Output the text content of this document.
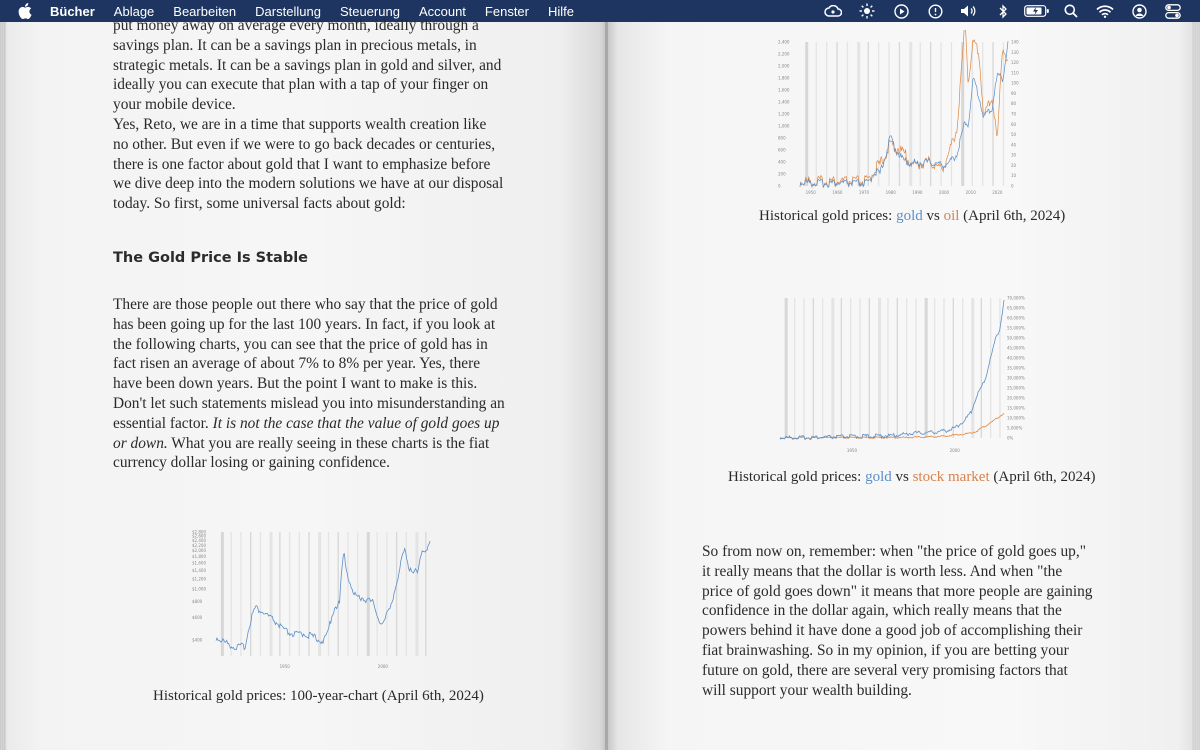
Bücher Ablage Bearbeiten Darstellung Steuerung Account Fenster Hilfe

put money away on average every month, ideally through a

savings plan. It can be a savings plan in precious metals, in

strategic metals. It can be a savings plan in gold and silver, and

ideally you can execute that plan with a tap of your finger on

your mobile device.

Yes, Reto, we are in a time that supports wealth creation like

no other. But even if we were to go back decades or centuries,

there is one factor about gold that I want to emphasize before

we dive deep into the modern solutions we have at our disposal

today. So first, some universal facts about gold:

The Gold Price Is Stable

There are those people out there who say that the price of gold

has been going up for the last 100 years. In fact, if you look at

the following charts, you can see that the price of gold has in

fact risen an average of about 7% to 8% per year. Yes, there

have been down years. But the point I want to make is this.

Don't let such statements mislead you into misunderstanding an

essential factor. It is not the case that the value of gold goes up

or down. What you are really seeing in these charts is the fiat

currency dollar losing or gaining confidence.

$2,800
$2,600
$2,400
$2,200
$2,000
$1,800
$1,600
$1,400
$1,200
$1,000
$800
$600
$400
1950	2000
Historical gold prices: 100-year-chart (April 6th, 2024)
2,400
2,200
2,000
1,800
1,600
1,400
1,200
1,000
800
600
400
200
0
140
130
120
110
100
90
80
70
60
50
40
30
20
10
0
1950	1960	1970	1980	1990	2000	2010	2020
Historical gold prices: gold vs oil (April 6th, 2024)
70,000%
65,000%
60,000%
55,000%
50,000%
45,000%
40,000%
35,000%
30,000%
25,000%
20,000%
15,000%
10,000%
5,000%
0%
1950	2000
Historical gold prices: gold vs stock market (April 6th, 2024)

So from now on, remember: when "the price of gold goes up,"

it really means that the dollar is worth less. And when "the

price of gold goes down" it means that more people are gaining

confidence in the dollar again, which really means that the

powers behind it have done a good job of accomplishing their

fiat brainwashing. So in my opinion, if you are betting your

future on gold, there are several very promising factors that

will support your wealth building.
